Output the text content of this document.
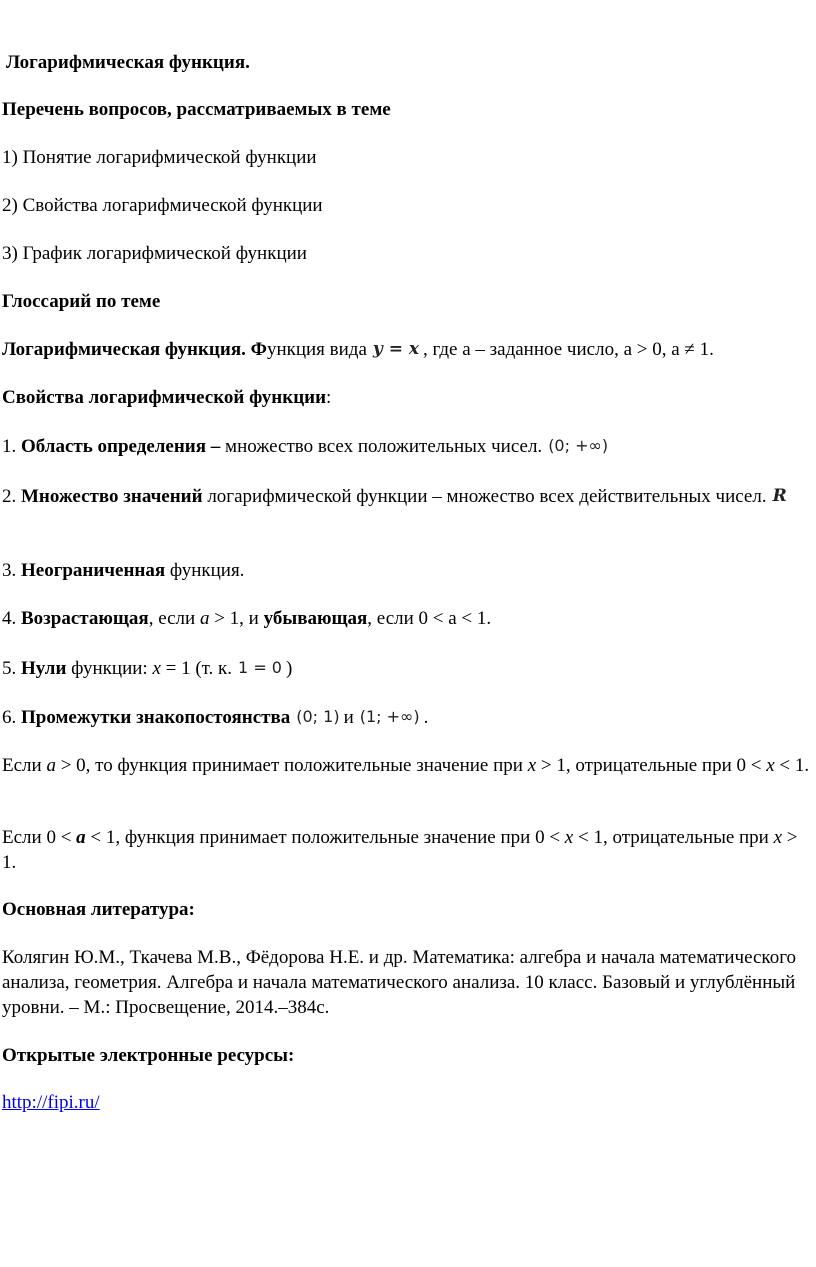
Логарифмическая функция.

Перечень вопросов, рассматриваемых в теме

1) Понятие логарифмической функции

2) Свойства логарифмической функции

3) График логарифмической функции

Глоссарий по теме

Логарифмическая функция. Функция вида y = x , где а – заданное число, а > 0, а ≠ 1.

Свойства логарифмической функции:

1. Область определения – множество всех положительных чисел. (0; +∞)

2. Множество значений логарифмической функции – множество всех действительных чисел. R

3. Неограниченная функция.

4. Возрастающая, если а > 1, и убывающая, если 0 < а < 1.

5. Нули функции: х = 1 (т. к. 1 = 0 )

6. Промежутки знакопостоянства (0; 1) и (1; +∞) .

Если а > 0, то функция принимает положительные значение при х > 1, отрицательные при 0 < х < 1.

Если 0 < а < 1, функция принимает положительные значение при 0 < х < 1, отрицательные при х > 1.

Основная литература:

Колягин Ю.М., Ткачева М.В., Фёдорова Н.Е. и др. Математика: алгебра и начала математического анализа, геометрия. Алгебра и начала математического анализа. 10 класс. Базовый и углублённый уровни. – М.: Просвещение, 2014.–384с.

Открытые электронные ресурсы:

http://fipi.ru/
